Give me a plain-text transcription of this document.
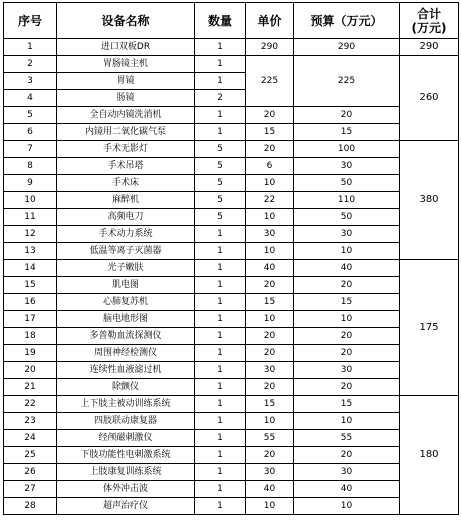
序号	设备名称	数量	单价	预算（万元）	合计
(万元)

1	进口双板DR	1	290	290	290
2	胃肠镜主机	1	225	225	260
3	胃镜	1			
4	肠镜	2			
5	全自动内镜洗消机	1	20	20	
6	内镜用二氧化碳气泵	1	15	15	
7	手术无影灯	5	20	100	380
8	手术吊塔	5	6	30	
9	手术床	5	10	50	
10	麻醉机	5	22	110	
11	高频电刀	5	10	50	
12	手术动力系统	1	30	30	
13	低温等离子灭菌器	1	10	10	
14	光子嫩肤	1	40	40	175
15	肌电图	1	20	20	
16	心肺复苏机	1	15	15	
17	脑电地形图	1	10	10	
18	多普勒血流探测仪	1	20	20	
19	周围神经检测仪	1	20	20	
20	连续性血液滤过机	1	30	30	
21	除颤仪	1	20	20	
22	上下肢主被动训练系统	1	15	15	180
23	四肢联动康复器	1	10	10	
24	经颅磁刺激仪	1	55	55	
25	下肢功能性电刺激系统	1	20	20	
26	上肢康复训练系统	1	30	30	
27	体外冲击波	1	40	40	
28	超声治疗仪	1	10	10	
